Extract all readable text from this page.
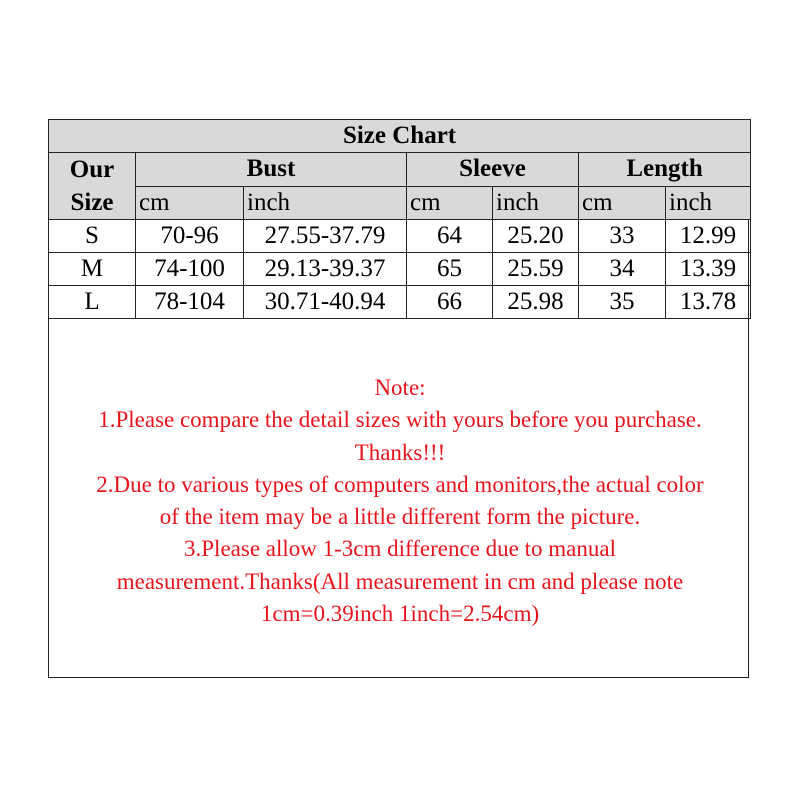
Size Chart						

Our
Size	Bust		Sleeve		Length	
	cm	inch	cm	inch	cm	inch
S	70-96	27.55-37.79	64	25.20	33	12.99
M	74-100	29.13-39.37	65	25.59	34	13.39
L	78-104	30.71-40.94	66	25.98	35	13.78
Note:
1.Please compare the detail sizes with yours before you purchase.
Thanks!!!
2.Due to various types of computers and monitors,the actual color
of the item may be a little different form the picture.
3.Please allow 1-3cm difference due to manual
measurement.Thanks(All measurement in cm and please note
1cm=0.39inch 1inch=2.54cm)
